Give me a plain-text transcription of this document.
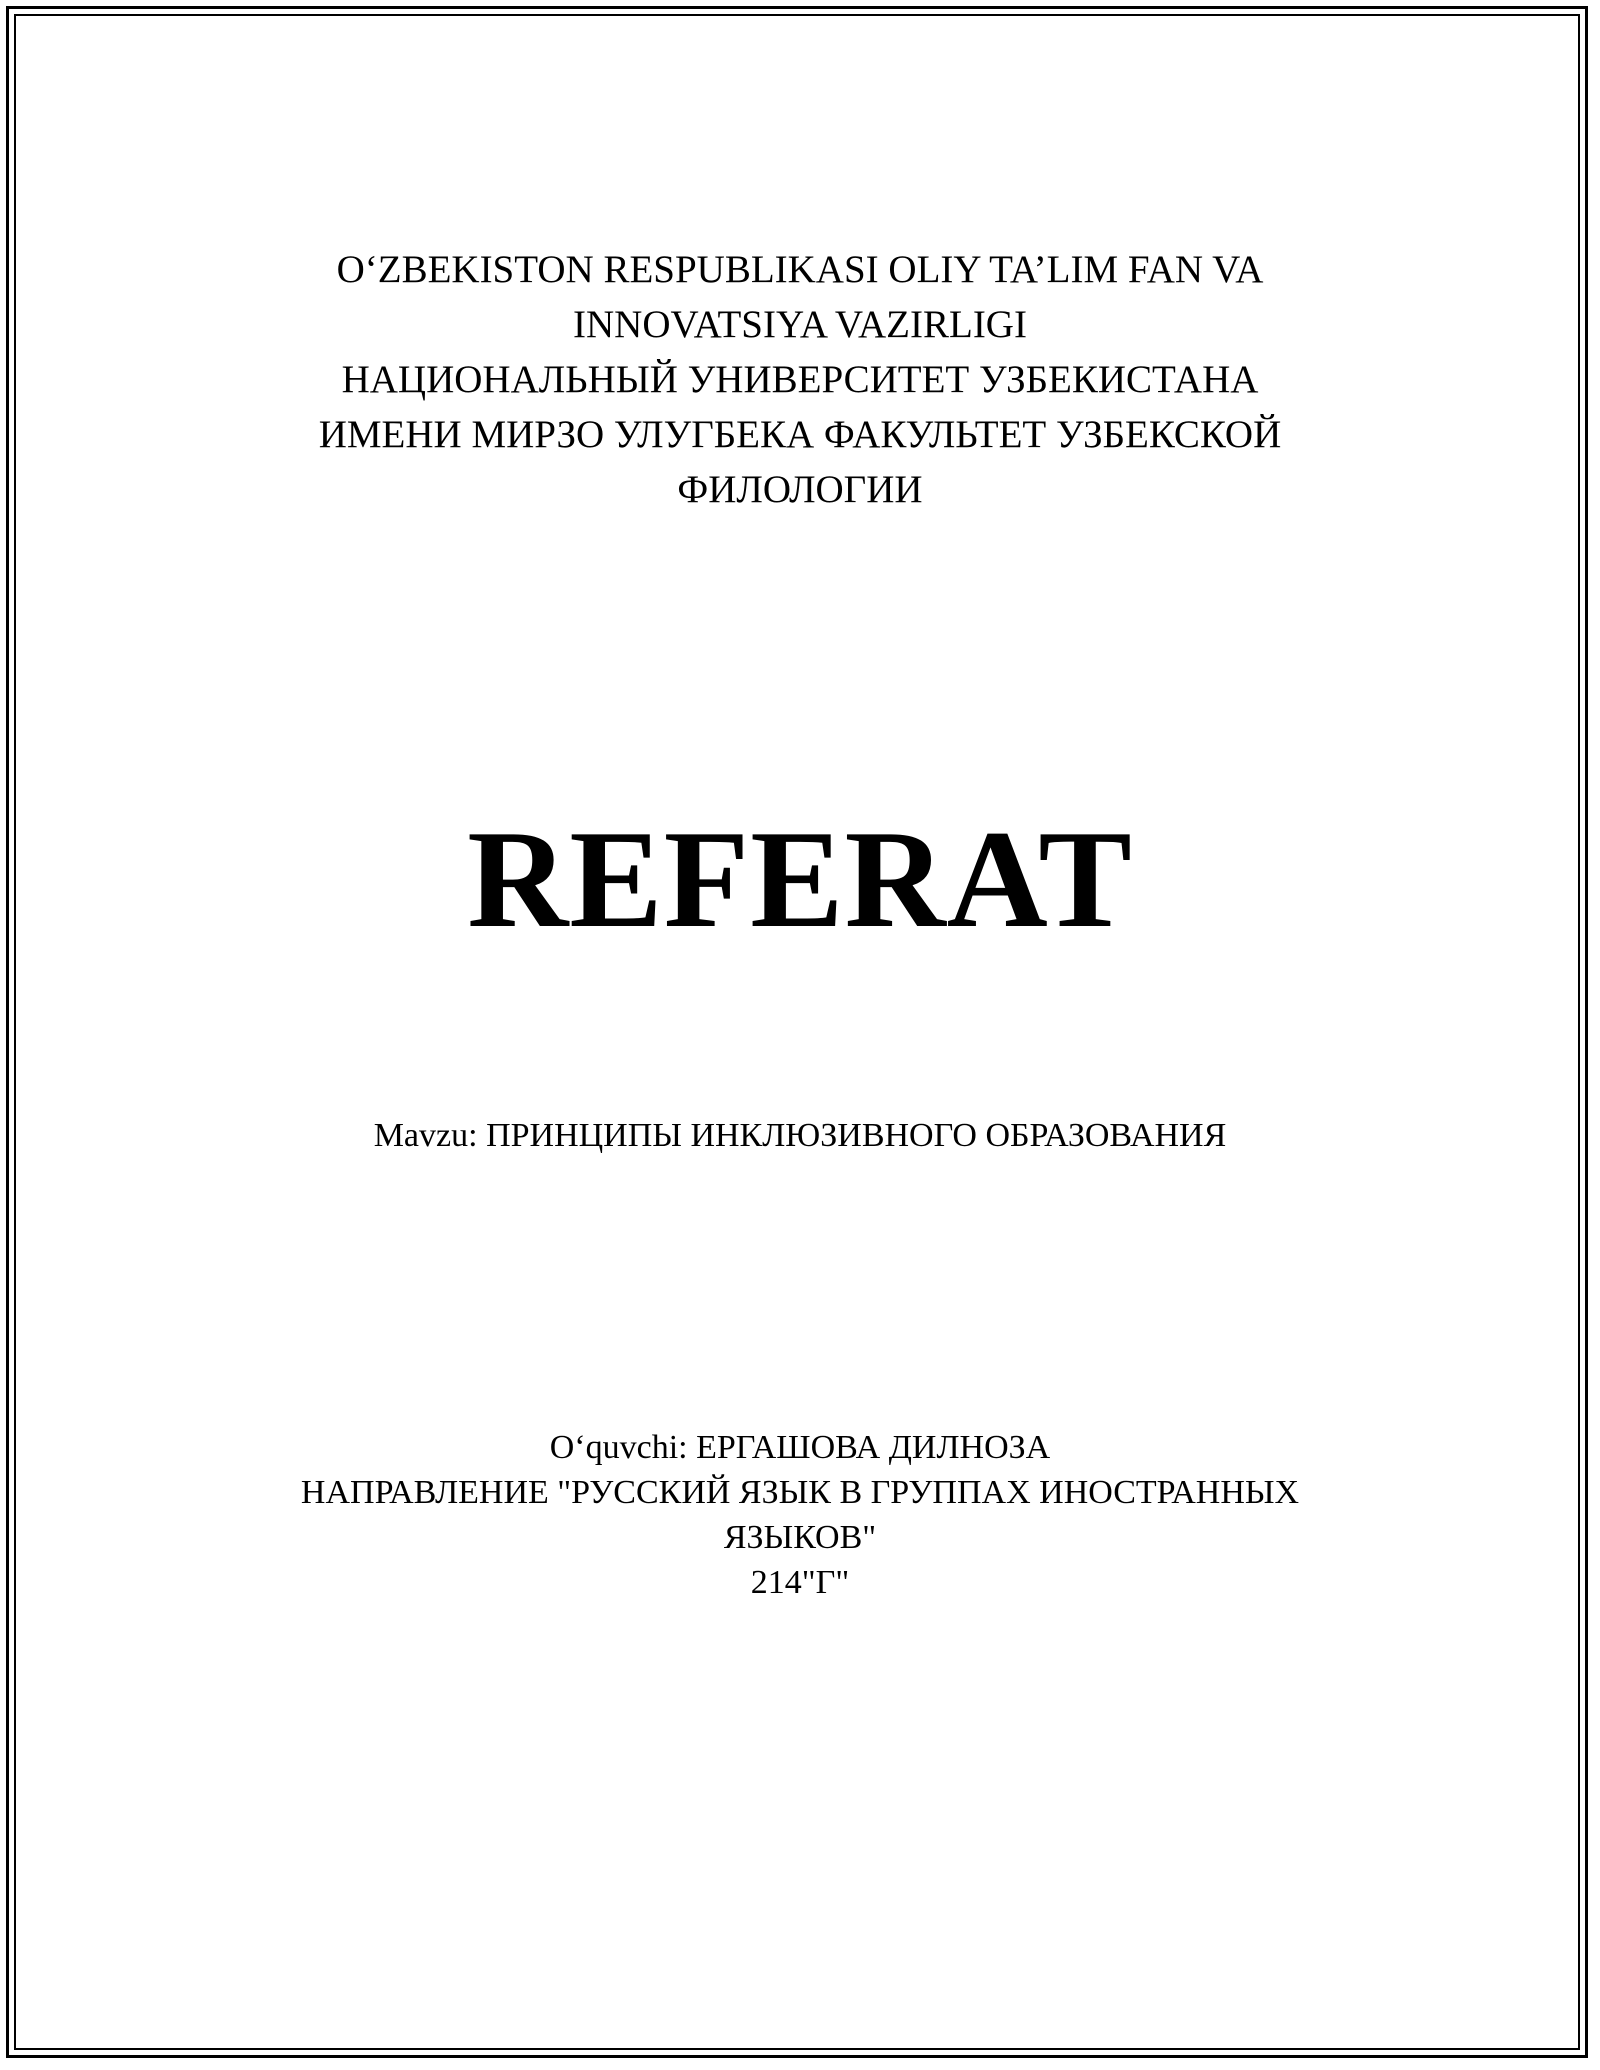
O‘ZBEKISTON RESPUBLIKASI OLIY TA’LIM FAN VA
INNOVATSIYA VAZIRLIGI
НАЦИОНАЛЬНЫЙ УНИВЕРСИТЕТ УЗБЕКИСТАНА
ИМЕНИ МИРЗО УЛУГБЕКА ФАКУЛЬТЕТ УЗБЕКСКОЙ
ФИЛОЛОГИИ
REFERAT
Mavzu: ПРИНЦИПЫ ИНКЛЮЗИВНОГО ОБРАЗОВАНИЯ
O‘quvchi: ЕРГАШОВА ДИЛНОЗА
НАПРАВЛЕНИЕ "РУССКИЙ ЯЗЫК В ГРУППАХ ИНОСТРАННЫХ
ЯЗЫКОВ"
214"Г"
